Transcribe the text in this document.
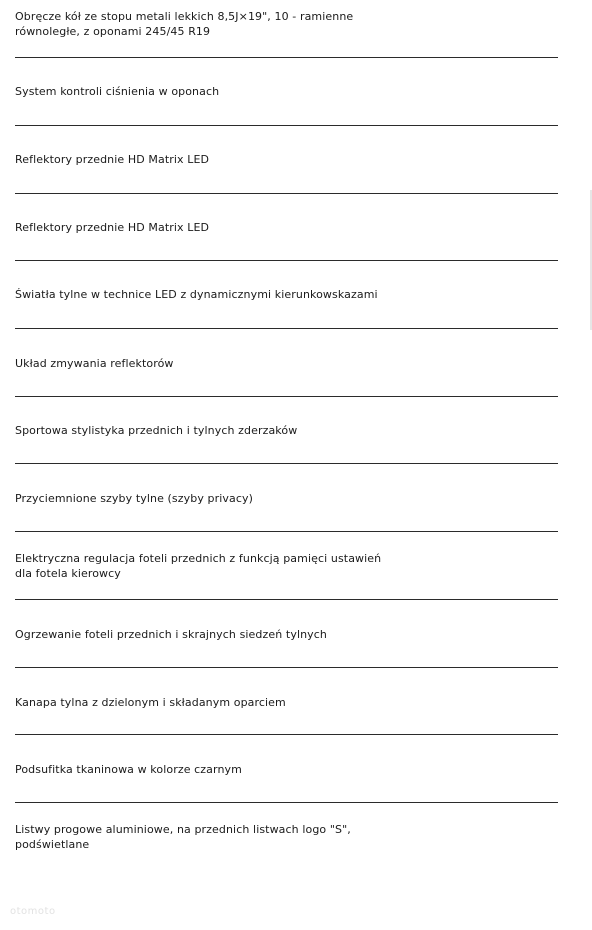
Obręcze kół ze stopu metali lekkich 8,5J×19", 10 - ramienne
równoległe, z oponami 245/45 R19

System kontroli ciśnienia w oponach

Reflektory przednie HD Matrix LED

Reflektory przednie HD Matrix LED

Światła tylne w technice LED z dynamicznymi kierunkowskazami

Układ zmywania reflektorów

Sportowa stylistyka przednich i tylnych zderzaków

Przyciemnione szyby tylne (szyby privacy)

Elektryczna regulacja foteli przednich z funkcją pamięci ustawień
dla fotela kierowcy

Ogrzewanie foteli przednich i skrajnych siedzeń tylnych

Kanapa tylna z dzielonym i składanym oparciem

Podsufitka tkaninowa w kolorze czarnym

Listwy progowe aluminiowe, na przednich listwach logo "S",
podświetlane

otomoto
